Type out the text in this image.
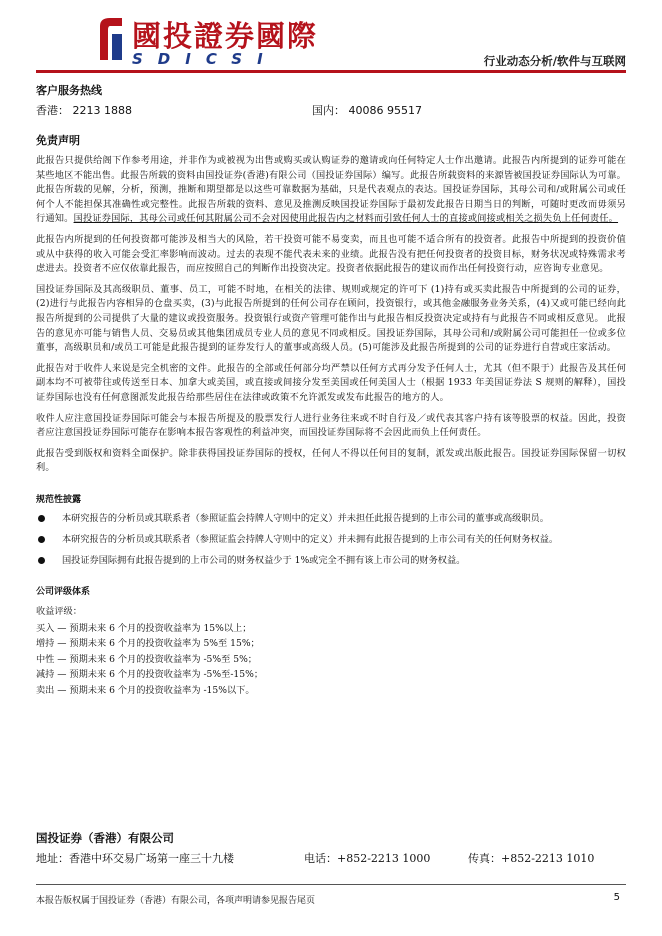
國投證券國際
SDICSI	行业动态分析/软件与互联网
客户服务热线
香港： 2213 1888	国内： 40086 95517
免责声明

此报告只提供给阁下作参考用途，并非作为或被视为出售或购买或认购证券的邀请或向任何特定人士作出邀请。此报告内所提到的证券可能在某些地区不能出售。此报告所载的资料由国投证券(香港)有限公司（国投证券国际）编写。此报告所载资料的来源皆被国投证券国际认为可靠。此报告所载的见解，分析，预测，推断和期望都是以这些可靠数据为基础，只是代表观点的表达。国投证券国际，其母公司和/或附属公司或任何个人不能担保其准确性或完整性。此报告所载的资料、意见及推测反映国投证券国际于最初发此报告日期当日的判断，可随时更改而毋须另行通知。国投证券国际，其母公司或任何其附属公司不会对因使用此报告内之材料而引致任何人士的直接或间接或相关之损失负上任何责任。

此报告内所提到的任何投资都可能涉及相当大的风险，若干投资可能不易变卖，而且也可能不适合所有的投资者。此报告中所提到的投资价值或从中获得的收入可能会受汇率影响而波动。过去的表现不能代表未来的业绩。此报告没有把任何投资者的投资目标，财务状况或特殊需求考虑进去。投资者不应仅依靠此报告，而应按照自己的判断作出投资决定。投资者依据此报告的建议而作出任何投资行动，应咨询专业意见。

国投证券国际及其高级职员、董事、员工，可能不时地，在相关的法律、规则或规定的许可下 (1)持有或买卖此报告中所提到的公司的证券，(2)进行与此报告内容相异的仓盘买卖，(3)与此报告所提到的任何公司存在顾问，投资银行，或其他金融服务业务关系，(4)又或可能已经向此报告所提到的公司提供了大量的建议或投资服务。投资银行或资产管理可能作出与此报告相反投资决定或持有与此报告不同或相反意见。 此报告的意见亦可能与销售人员、交易员或其他集团成员专业人员的意见不同或相反。国投证券国际，其母公司和/或附属公司可能担任一位或多位董事，高级职员和/或员工可能是此报告提到的证券发行人的董事或高级人员。(5)可能涉及此报告所提到的公司的证券进行自营或庄家活动。

此报告对于收件人来说是完全机密的文件。此报告的全部或任何部分均严禁以任何方式再分发予任何人士，尤其（但不限于）此报告及其任何副本均不可被带往或传送至日本、加拿大或美国，或直接或间接分发至美国或任何美国人士（根据 1933 年美国证券法 S 规则的解释），国投证券国际也没有任何意图派发此报告给那些居住在法律或政策不允许派发或发布此报告的地方的人。

收件人应注意国投证券国际可能会与本报告所提及的股票发行人进行业务往来或不时自行及／或代表其客户持有该等股票的权益。因此，投资者应注意国投证券国际可能存在影响本报告客观性的利益冲突，而国投证券国际将不会因此而负上任何责任。

此报告受到版权和资料全面保护。除非获得国投证券国际的授权，任何人不得以任何目的复制，派发或出版此报告。国投证券国际保留一切权利。

规范性披露
本研究报告的分析员或其联系者（参照证监会持牌人守则中的定义）并未担任此报告提到的上市公司的董事或高级职员。
本研究报告的分析员或其联系者（参照证监会持牌人守则中的定义）并未拥有此报告提到的上市公司有关的任何财务权益。
国投证券国际拥有此报告提到的上市公司的财务权益少于 1%或完全不拥有该上市公司的财务权益。
公司评级体系
收益评级：
买入 — 预期未来 6 个月的投资收益率为 15%以上；
增持 — 预期未来 6 个月的投资收益率为 5%至 15%；
中性 — 预期未来 6 个月的投资收益率为 -5%至 5%；
减持 — 预期未来 6 个月的投资收益率为 -5%至-15%；
卖出 — 预期未来 6 个月的投资收益率为 -15%以下。
国投证券（香港）有限公司
地址：香港中环交易广场第一座三十九楼	电话：+852-2213 1000	传真：+852-2213 1010
本报告版权属于国投证券（香港）有限公司，各项声明请参见报告尾页	5
